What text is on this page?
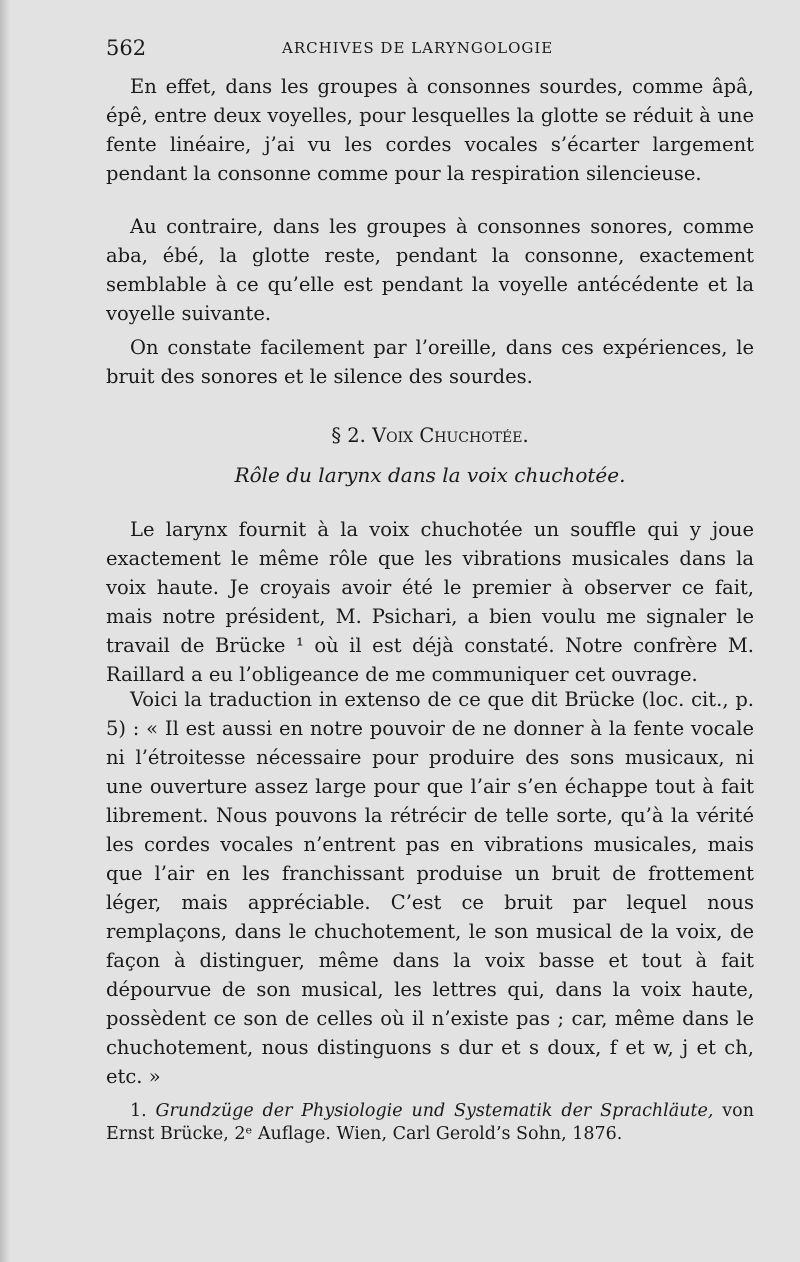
562	ARCHIVES DE LARYNGOLOGIE

En effet, dans les groupes à consonnes sourdes, comme âpâ, épê, entre deux voyelles, pour lesquelles la glotte se réduit à une fente linéaire, j’ai vu les cordes vocales s’écarter largement pendant la consonne comme pour la respiration silencieuse.

Au contraire, dans les groupes à consonnes sonores, comme aba, ébé, la glotte reste, pendant la consonne, exactement semblable à ce qu’elle est pendant la voyelle antécédente et la voyelle suivante.

On constate facilement par l’oreille, dans ces expériences, le bruit des sonores et le silence des sourdes.

§ 2. Voix Chuchotée.
Rôle du larynx dans la voix chuchotée.

Le larynx fournit à la voix chuchotée un souffle qui y joue exactement le même rôle que les vibrations musicales dans la voix haute. Je croyais avoir été le premier à observer ce fait, mais notre président, M. Psichari, a bien voulu me signaler le travail de Brücke ¹ où il est déjà constaté. Notre confrère M. Raillard a eu l’obligeance de me communiquer cet ouvrage.

Voici la traduction in extenso de ce que dit Brücke (loc. cit., p. 5) : « Il est aussi en notre pouvoir de ne donner à la fente vocale ni l’étroitesse nécessaire pour produire des sons musicaux, ni une ouverture assez large pour que l’air s’en échappe tout à fait librement. Nous pouvons la rétrécir de telle sorte, qu’à la vérité les cordes vocales n’entrent pas en vibrations musicales, mais que l’air en les franchissant produise un bruit de frottement léger, mais appréciable. C’est ce bruit par lequel nous remplaçons, dans le chuchotement, le son musical de la voix, de façon à distinguer, même dans la voix basse et tout à fait dépourvue de son musical, les lettres qui, dans la voix haute, possèdent ce son de celles où il n’existe pas ; car, même dans le chuchotement, nous distinguons s dur et s doux, f et w, j et ch, etc. »

1. Grundzüge der Physiologie und Systematik der Sprachläute, von Ernst Brücke, 2ᵉ Auflage. Wien, Carl Gerold’s Sohn, 1876.
